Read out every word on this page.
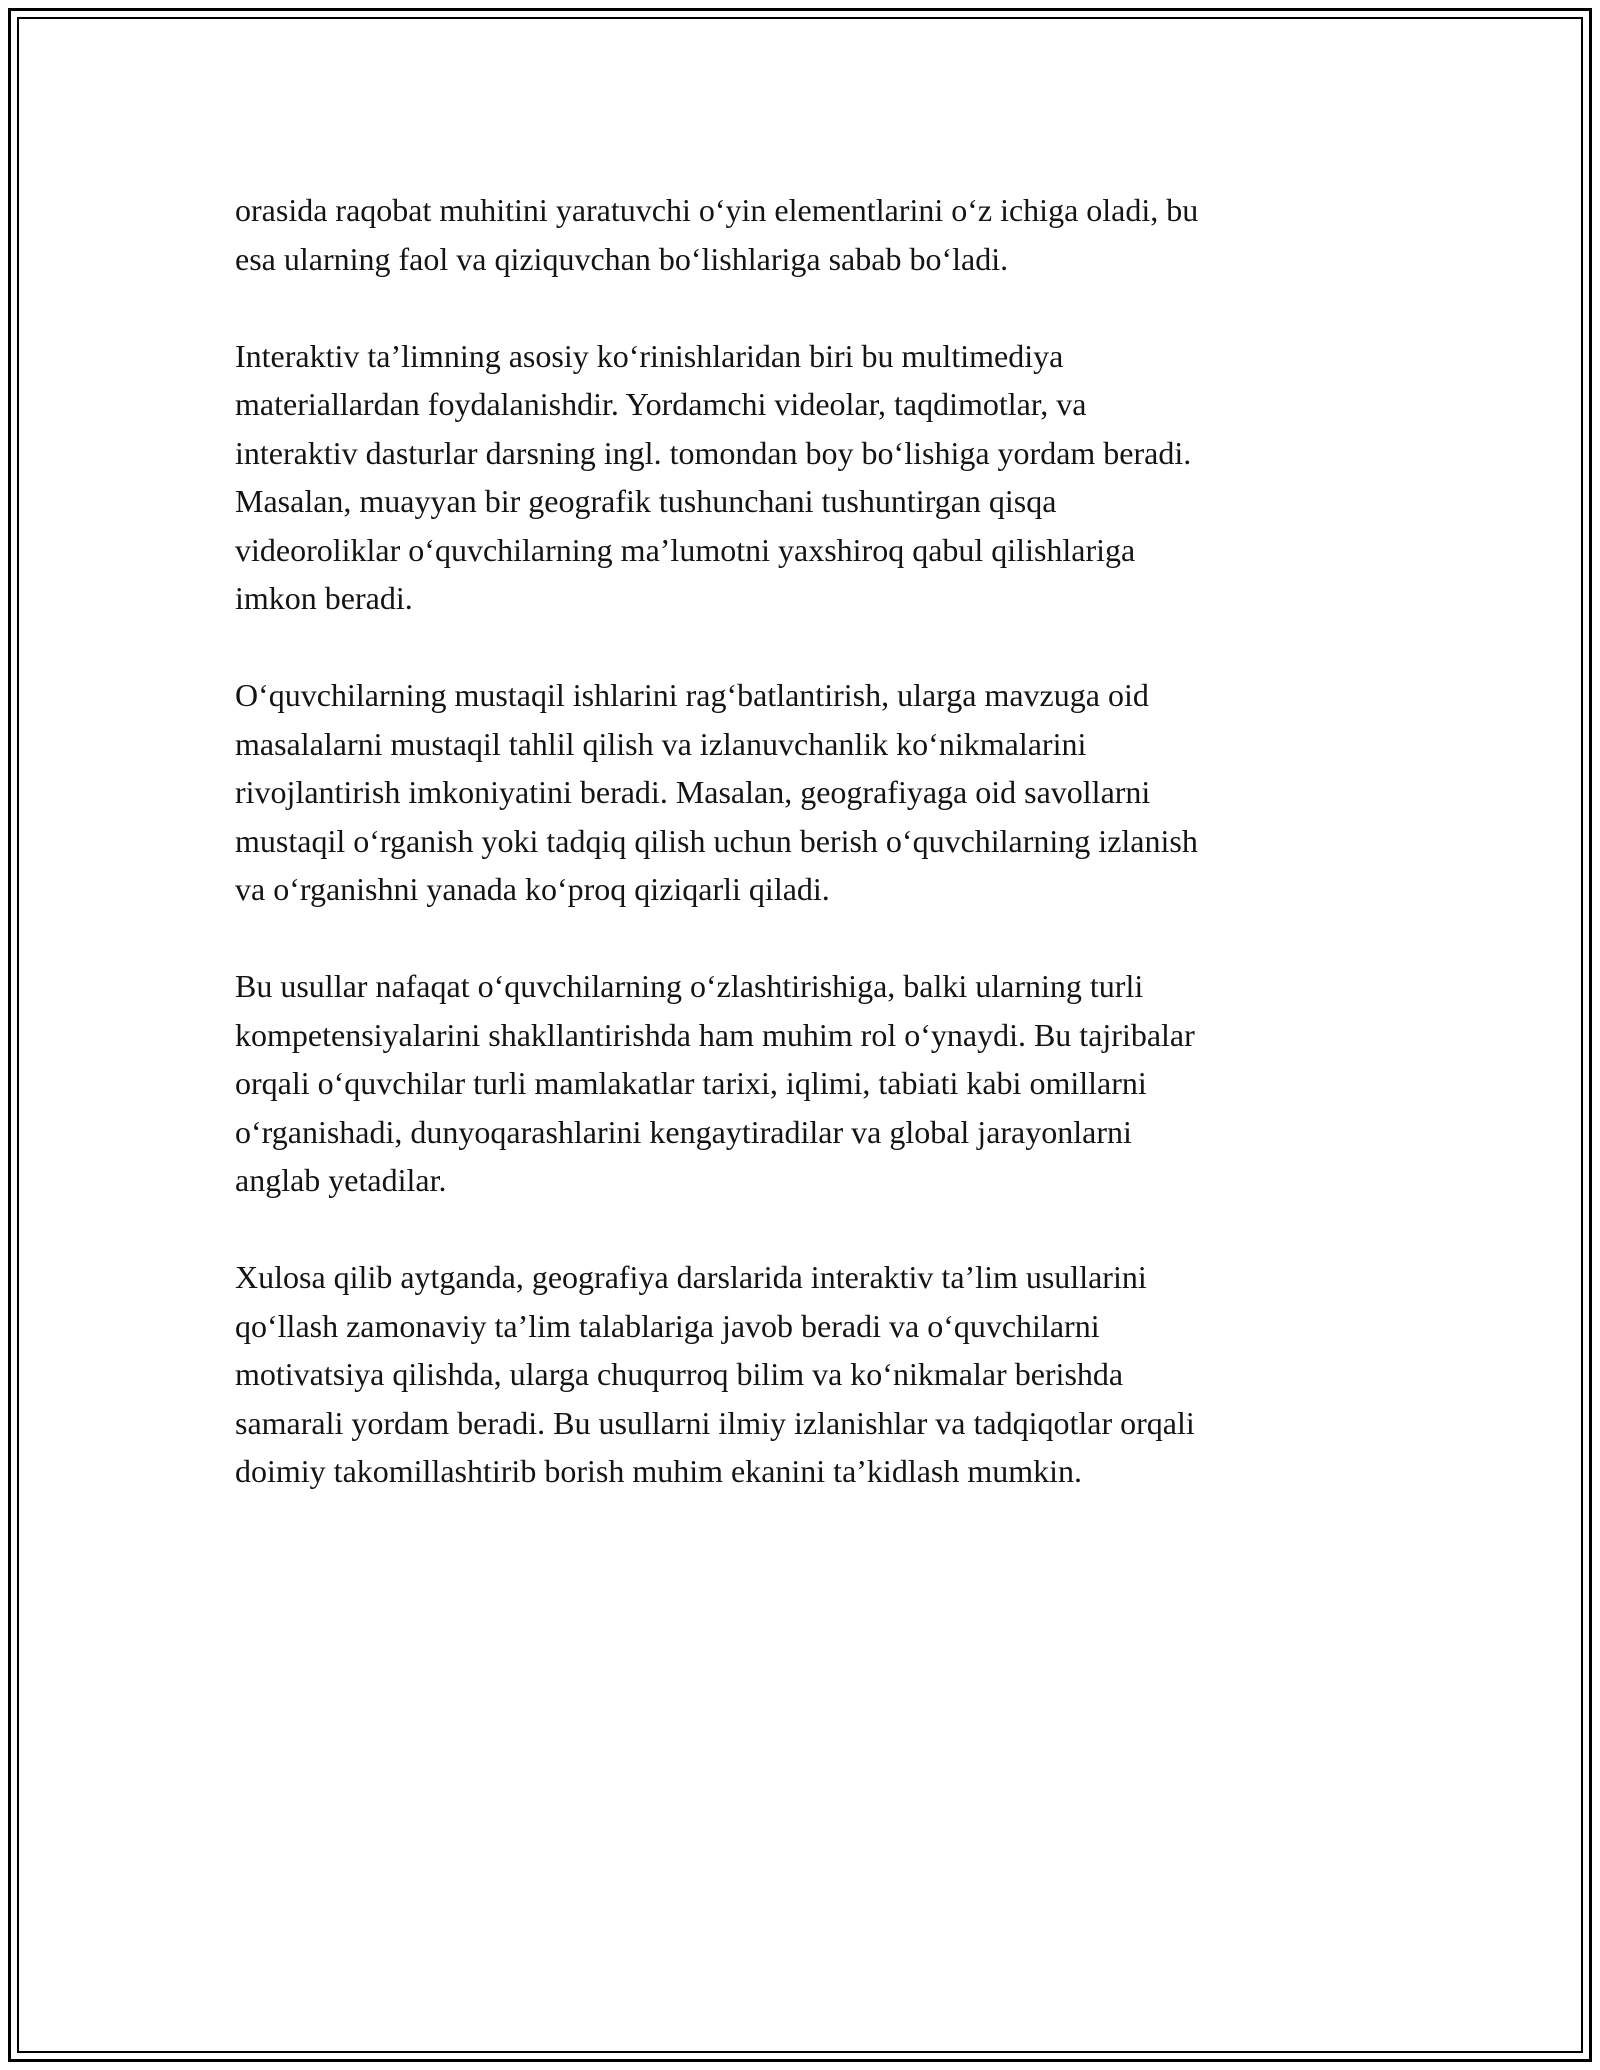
orasida raqobat muhitini yaratuvchi o‘yin elementlarini o‘z ichiga oladi, bu
esa ularning faol va qiziquvchan bo‘lishlariga sabab bo‘ladi.

Interaktiv ta’limning asosiy ko‘rinishlaridan biri bu multimediya
materiallardan foydalanishdir. Yordamchi videolar, taqdimotlar, va
interaktiv dasturlar darsning ingl. tomondan boy bo‘lishiga yordam beradi.
Masalan, muayyan bir geografik tushunchani tushuntirgan qisqa
videoroliklar o‘quvchilarning ma’lumotni yaxshiroq qabul qilishlariga
imkon beradi.

O‘quvchilarning mustaqil ishlarini rag‘batlantirish, ularga mavzuga oid
masalalarni mustaqil tahlil qilish va izlanuvchanlik ko‘nikmalarini
rivojlantirish imkoniyatini beradi. Masalan, geografiyaga oid savollarni
mustaqil o‘rganish yoki tadqiq qilish uchun berish o‘quvchilarning izlanish
va o‘rganishni yanada ko‘proq qiziqarli qiladi.

Bu usullar nafaqat o‘quvchilarning o‘zlashtirishiga, balki ularning turli
kompetensiyalarini shakllantirishda ham muhim rol o‘ynaydi. Bu tajribalar
orqali o‘quvchilar turli mamlakatlar tarixi, iqlimi, tabiati kabi omillarni
o‘rganishadi, dunyoqarashlarini kengaytiradilar va global jarayonlarni
anglab yetadilar.

Xulosa qilib aytganda, geografiya darslarida interaktiv ta’lim usullarini
qo‘llash zamonaviy ta’lim talablariga javob beradi va o‘quvchilarni
motivatsiya qilishda, ularga chuqurroq bilim va ko‘nikmalar berishda
samarali yordam beradi. Bu usullarni ilmiy izlanishlar va tadqiqotlar orqali
doimiy takomillashtirib borish muhim ekanini ta’kidlash mumkin.
